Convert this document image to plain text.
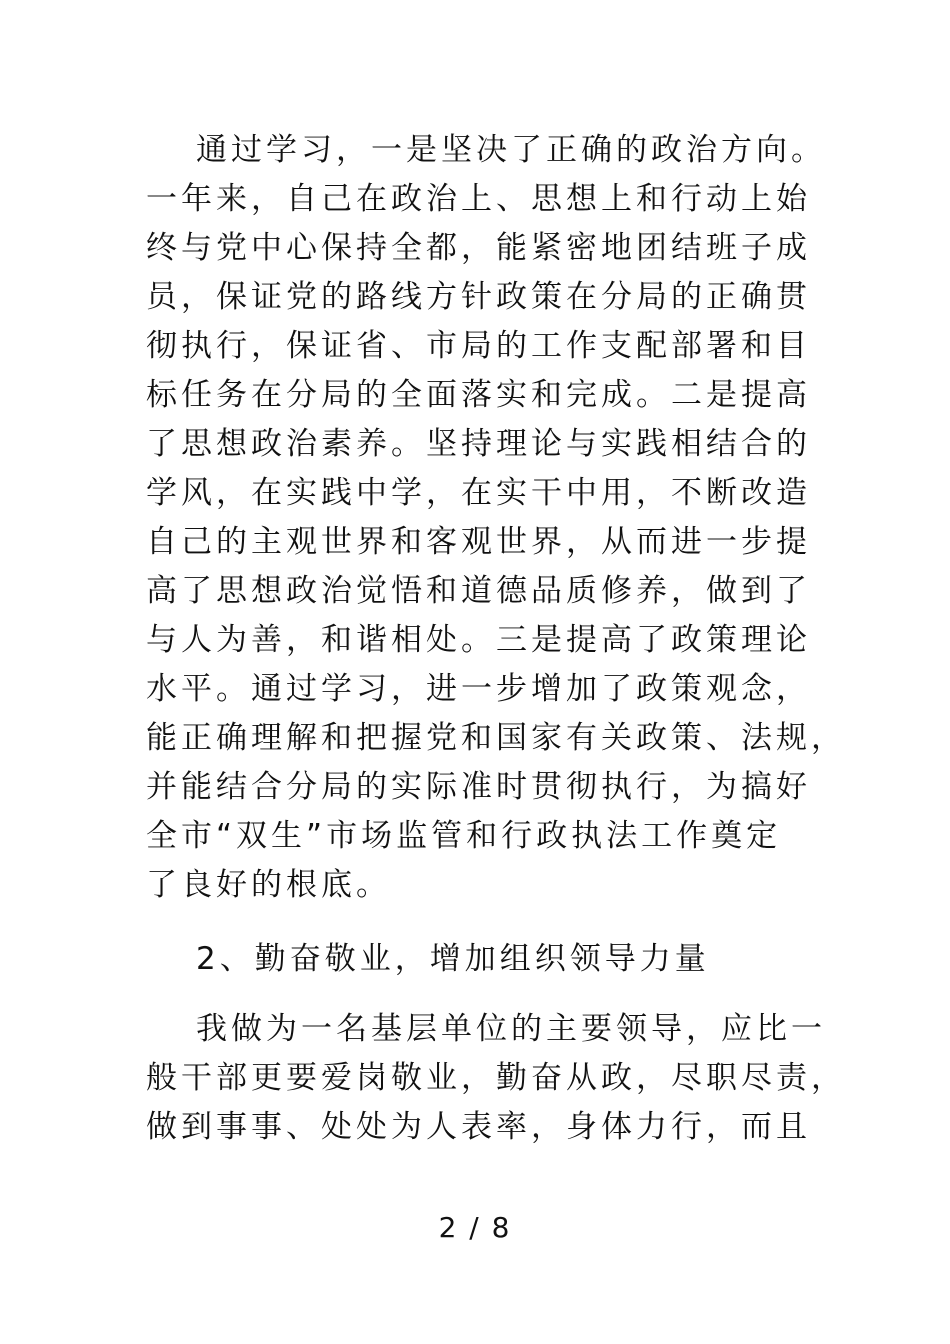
通过学习，一是坚决了正确的政治方向。
一年来，自己在政治上、思想上和行动上始
终与党中心保持全都，能紧密地团结班子成
员，保证党的路线方针政策在分局的正确贯
彻执行，保证省、市局的工作支配部署和目
标任务在分局的全面落实和完成。二是提高
了思想政治素养。坚持理论与实践相结合的
学风，在实践中学，在实干中用，不断改造
自己的主观世界和客观世界，从而进一步提
高了思想政治觉悟和道德品质修养，做到了
与人为善，和谐相处。三是提高了政策理论
水平。通过学习，进一步增加了政策观念，
能正确理解和把握党和国家有关政策、法规，
并能结合分局的实际准时贯彻执行，为搞好
全市“双生”市场监管和行政执法工作奠定
了良好的根底。
2、勤奋敬业，增加组织领导力量
我做为一名基层单位的主要领导，应比一
般干部更要爱岗敬业，勤奋从政，尽职尽责，
做到事事、处处为人表率，身体力行，而且
2 / 8
